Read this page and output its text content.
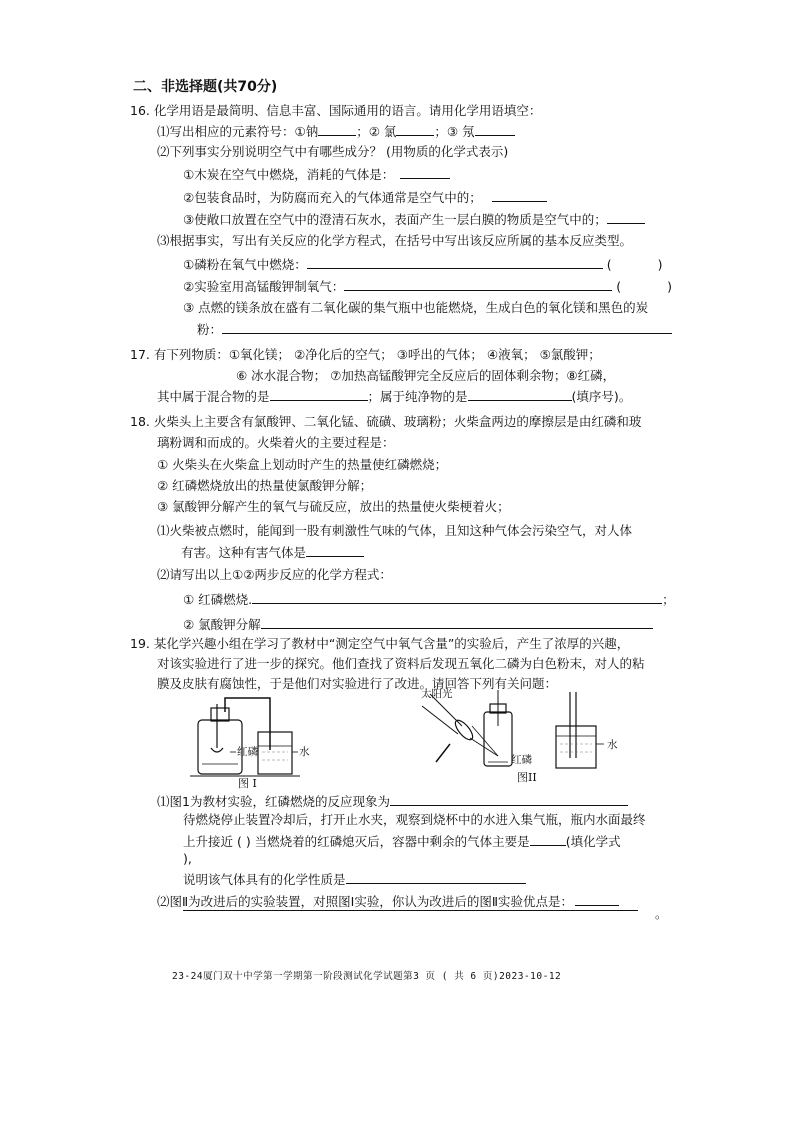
二、非选择题(共70分)
16. 化学用语是最简明、信息丰富、国际通用的语言。请用化学用语填空：
⑴写出相应的元素符号：①钠	；② 氯	；③ 氖
⑵下列事实分别说明空气中有哪些成分？ (用物质的化学式表示)
①木炭在空气中燃烧，消耗的气体是：
②包装食品时，为防腐而充入的气体通常是空气中的；
③使敞口放置在空气中的澄清石灰水，表面产生一层白膜的物质是空气中的；
⑶根据事实，写出有关反应的化学方程式，在括号中写出该反应所属的基本反应类型。
①磷粉在氧气中燃烧：	(	)
②实验室用高锰酸钾制氧气：	(	)
③ 点燃的镁条放在盛有二氧化碳的集气瓶中也能燃烧，生成白色的氧化镁和黑色的炭
粉：
17. 有下列物质：①氧化镁； ②净化后的空气； ③呼出的气体； ④液氧； ⑤氯酸钾；
⑥ 冰水混合物； ⑦加热高锰酸钾完全反应后的固体剩余物；⑧红磷，
其中属于混合物的是	；属于纯净物的是	(填序号)。
18. 火柴头上主要含有氯酸钾、二氧化锰、硫磺、玻璃粉；火柴盒两边的摩擦层是由红磷和玻
璃粉调和而成的。火柴着火的主要过程是：
① 火柴头在火柴盒上划动时产生的热量使红磷燃烧；
② 红磷燃烧放出的热量使氯酸钾分解；
③ 氯酸钾分解产生的氧气与硫反应，放出的热量使火柴梗着火；
⑴火柴被点燃时，能闻到一股有刺激性气味的气体，且知这种气体会污染空气，对人体
有害。这种有害气体是
⑵请写出以上①②两步反应的化学方程式：
① 红磷燃烧.	；
② 氯酸钾分解
19. 某化学兴趣小组在学习了教材中“测定空气中氧气含量”的实验后，产生了浓厚的兴趣，
对该实验进行了进一步的探究。他们查找了资料后发现五氧化二磷为白色粉末，对人的粘
膜及皮肤有腐蚀性，于是他们对实验进行了改进。请回答下列有关问题：
红磷	水
图 Ⅰ
太阳光
红磷
水
图ⅠⅠ
⑴图1为教材实验，红磷燃烧的反应现象为
待燃烧停止装置冷却后，打开止水夹，观察到烧杯中的水进入集气瓶，瓶内水面最终
上升接近 ( ) 当燃烧着的红磷熄灭后，容器中剩余的气体主要是	(填化学式
),
说明该气体具有的化学性质是
⑵图Ⅱ为改进后的实验装置，对照图Ⅰ实验，你认为改进后的图Ⅱ实验优点是：
。
23-24厦门双十中学第一学期第一阶段测试化学试题第3 页 ( 共 6 页)2023-10-12
